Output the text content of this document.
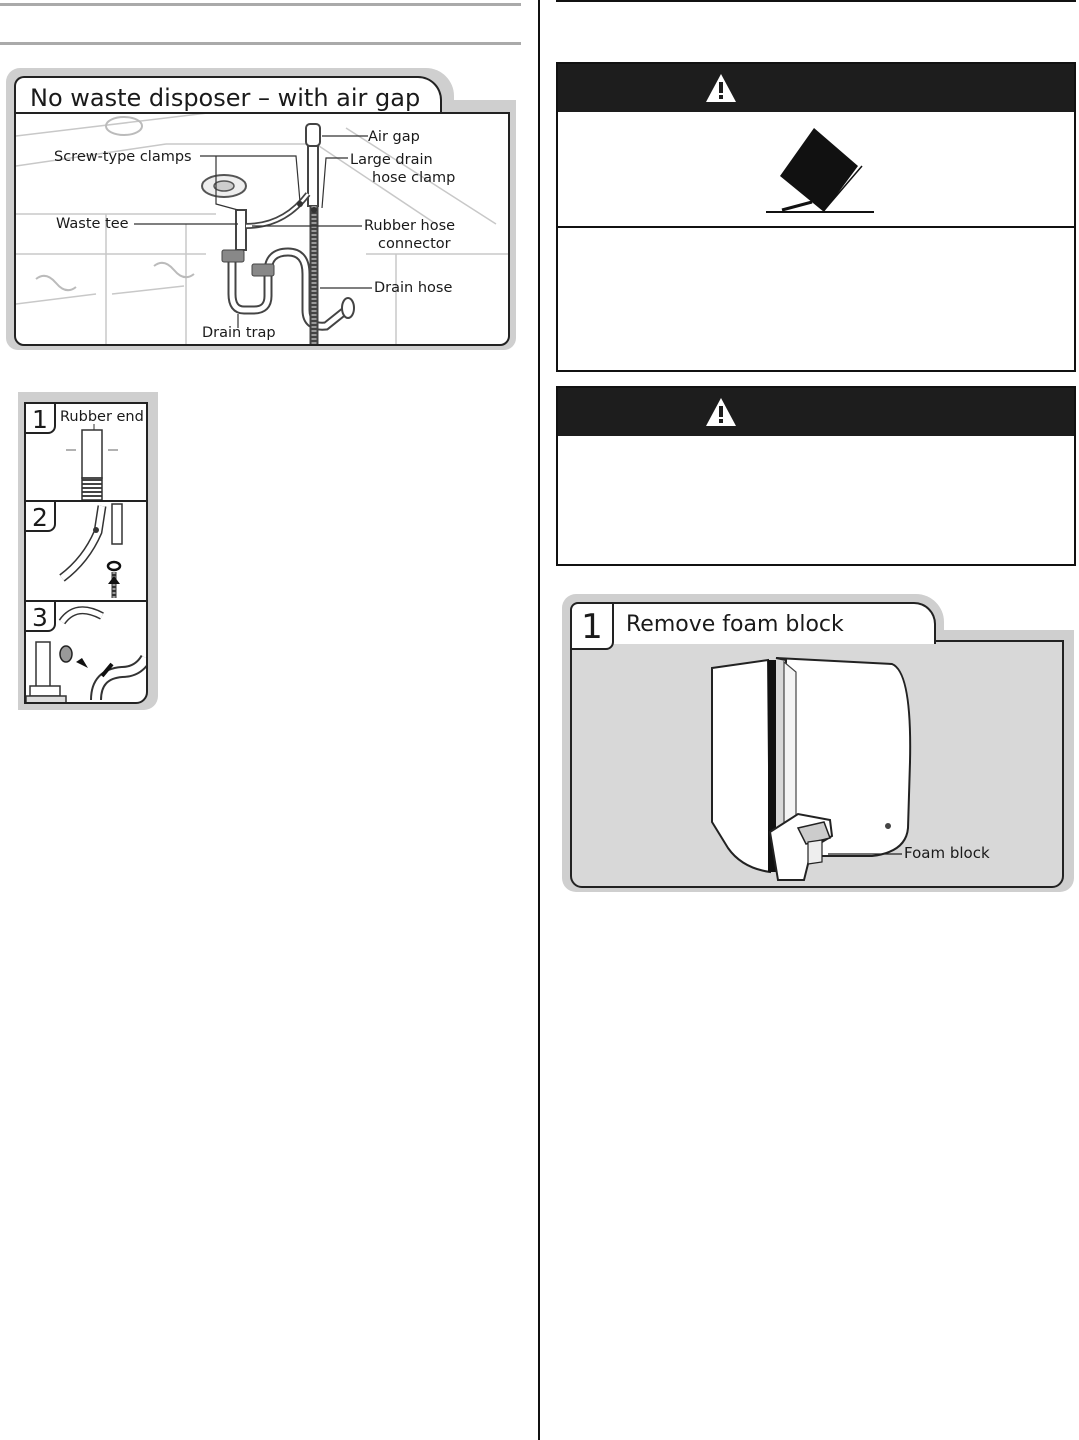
No waste disposer – with air gap
Air gap
Screw-type clamps	Large drain
hose clamp
Waste tee	Rubber hose
connector
Drain hose
Drain trap
1 Rubber end
2
3
Foam block
1	Remove foam block
